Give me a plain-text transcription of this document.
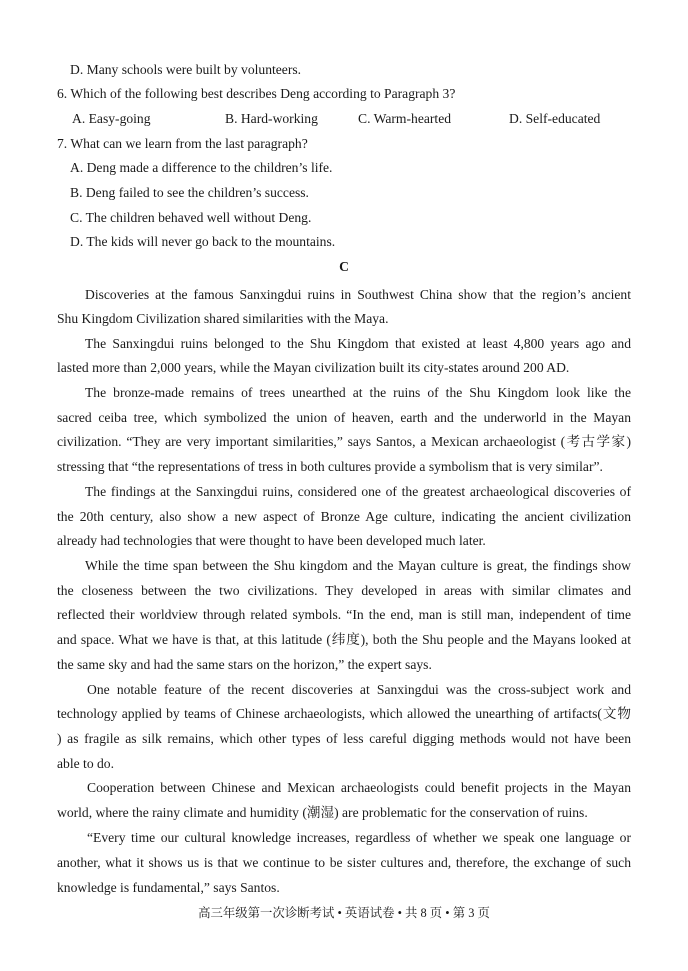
D. Many schools were built by volunteers.
6. Which of the following best describes Deng according to Paragraph 3?
A. Easy-going	B. Hard-working	C. Warm-hearted	D. Self-educated
7. What can we learn from the last paragraph?
A. Deng made a difference to the children’s life.
B. Deng failed to see the children’s success.
C. The children behaved well without Deng.
D. The kids will never go back to the mountains.
C
Discoveries at the famous Sanxingdui ruins in Southwest China show that the region’s ancient
Shu Kingdom Civilization shared similarities with the Maya.
The Sanxingdui ruins belonged to the Shu Kingdom that existed at least 4,800 years ago and
lasted more than 2,000 years, while the Mayan civilization built its city-states around 200 AD.
The bronze-made remains of trees unearthed at the ruins of the Shu Kingdom look like the
sacred ceiba tree, which symbolized the union of heaven, earth and the underworld in the Mayan
civilization. “They are very important similarities,” says Santos, a Mexican archaeologist (考古学家)
stressing that “the representations of tress in both cultures provide a symbolism that is very similar”.
The findings at the Sanxingdui ruins, considered one of the greatest archaeological discoveries of
the 20th century, also show a new aspect of Bronze Age culture, indicating the ancient civilization
already had technologies that were thought to have been developed much later.
While the time span between the Shu kingdom and the Mayan culture is great, the findings show
the closeness between the two civilizations. They developed in areas with similar climates and
reflected their worldview through related symbols. “In the end, man is still man, independent of time
and space. What we have is that, at this latitude (纬度), both the Shu people and the Mayans looked at
the same sky and had the same stars on the horizon,” the expert says.
One notable feature of the recent discoveries at Sanxingdui was the cross-subject work and
technology applied by teams of Chinese archaeologists, which allowed the unearthing of artifacts(文物
) as fragile as silk remains, which other types of less careful digging methods would not have been
able to do.
Cooperation between Chinese and Mexican archaeologists could benefit projects in the Mayan
world, where the rainy climate and humidity (潮湿) are problematic for the conservation of ruins.
“Every time our cultural knowledge increases, regardless of whether we speak one language or
another, what it shows us is that we continue to be sister cultures and, therefore, the exchange of such
knowledge is fundamental,” says Santos.
高三年级第一次诊断考试 • 英语试卷 • 共 8 页 • 第 3 页
